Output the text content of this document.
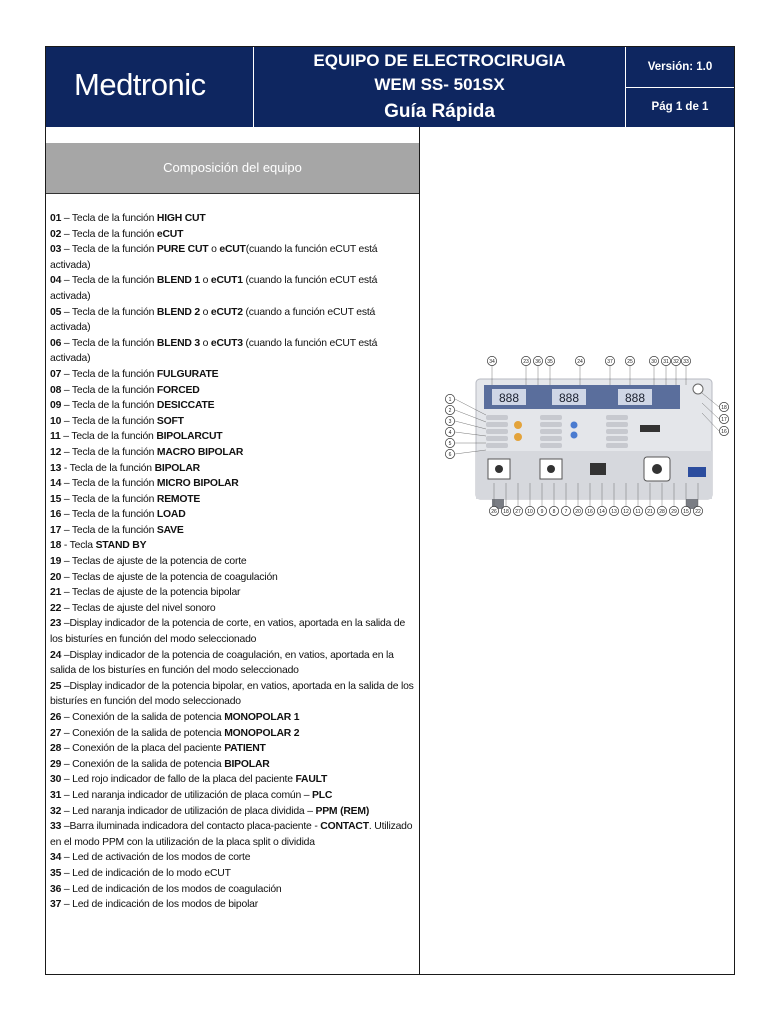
Medtronic
EQUIPO DE ELECTROCIRUGIA
WEM SS- 501SX
Guía Rápida
Versión: 1.0
Pág 1 de 1
Composición del equipo
01 – Tecla de la función HIGH CUT
02 – Tecla de la función eCUT
03 – Tecla de la función PURE CUT o eCUT(cuando la función eCUT está activada)
04 – Tecla de la función BLEND 1 o eCUT1 (cuando la función eCUT está activada)
05 – Tecla de la función BLEND 2 o eCUT2 (cuando a función eCUT está activada)
06 – Tecla de la función BLEND 3 o eCUT3 (cuando la función eCUT está activada)
07 – Tecla de la función FULGURATE
08 – Tecla de la función FORCED
09 – Tecla de la función DESICCATE
10 – Tecla de la función SOFT
11 – Tecla de la función BIPOLARCUT
12 – Tecla de la función MACRO BIPOLAR
13 - Tecla de la función BIPOLAR
14 – Tecla de la función MICRO BIPOLAR
15 – Tecla de la función REMOTE
16 – Tecla de la función LOAD
17 – Tecla de la función SAVE
18 - Tecla STAND BY
19 – Teclas de ajuste de la potencia de corte
20 – Teclas de ajuste de la potencia de coagulación
21 – Teclas de ajuste de la potencia bipolar
22 – Teclas de ajuste del nivel sonoro
23 –Display indicador de la potencia de corte, en vatios, aportada en la salida de los bisturíes en función del modo seleccionado
24 –Display indicador de la potencia de coagulación, en vatios, aportada en la salida de los bisturíes en función del modo seleccionado
25 –Display indicador de la potencia bipolar, en vatios, aportada en la salida de los bisturíes en función del modo seleccionado
26 – Conexión de la salida de potencia MONOPOLAR 1
27 – Conexión de la salida de potencia MONOPOLAR 2
28 – Conexión de la placa del paciente PATIENT
29 – Conexión de la salida de potencia BIPOLAR
30 – Led rojo indicador de fallo de la placa del paciente FAULT
31 – Led naranja indicador de utilización de placa común – PLC
32 – Led naranja indicador de utilización de placa dividida – PPM (REM)
33 –Barra iluminada indicadora del contacto placa-paciente - CONTACT. Utilizado en el modo PPM con la utilización de la placa split o dividida
34 – Led de activación de los modos de corte
35 – Led de indicación de lo modo eCUT
36 – Led de indicación de los modos de coagulación
37 – Led de indicación de los modos de bipolar
888	888	888
34	23 36 35	24	37	25	30 31 32 33
1
2
3
4
5
6
18
17
16
26 18 27 10 9 8 7 20 16 14 13 12 11 21 28 29 15 22
